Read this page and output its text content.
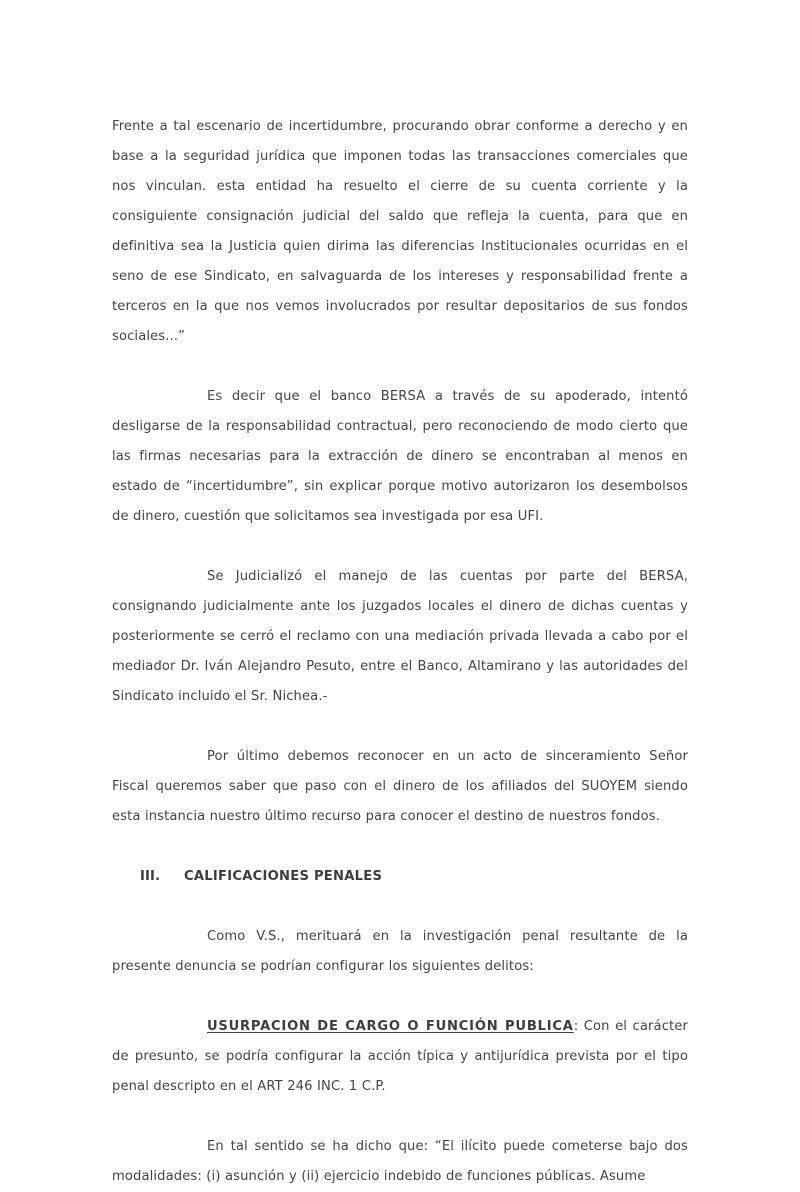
Frente a tal escenario de incertidumbre, procurando obrar conforme a derecho y en base a la seguridad jurídica que imponen todas las transacciones comerciales que nos vinculan. esta entidad ha resuelto el cierre de su cuenta corriente y la consiguiente consignación judicial del saldo que refleja la cuenta, para que en definitiva sea la Justicia quien dirima las diferencias Institucionales ocurridas en el seno de ese Sindicato, en salvaguarda de los intereses y responsabilidad frente a terceros en la que nos vemos involucrados por resultar depositarios de sus fondos sociales...”

Es decir que el banco BERSA a través de su apoderado, intentó desligarse de la responsabilidad contractual, pero reconociendo de modo cierto que las firmas necesarias para la extracción de dinero se encontraban al menos en estado de “incertidumbre”, sin explicar porque motivo autorizaron los desembolsos de dinero, cuestión que solicitamos sea investigada por esa UFI.

Se Judicializó el manejo de las cuentas por parte del BERSA, consignando judicialmente ante los juzgados locales el dinero de dichas cuentas y posteriormente se cerró el reclamo con una mediación privada llevada a cabo por el mediador Dr. Iván Alejandro Pesuto, entre el Banco, Altamirano y las autoridades del Sindicato incluido el Sr. Nichea.-

Por último debemos reconocer en un acto de sinceramiento Señor Fiscal queremos saber que paso con el dinero de los afiliados del SUOYEM siendo esta instancia nuestro último recurso para conocer el destino de nuestros fondos.

III.	CALIFICACIONES PENALES

Como V.S., merituará en la investigación penal resultante de la presente denuncia se podrían configurar los siguientes delitos:

USURPACION DE CARGO O FUNCIÓN PUBLICA: Con el carácter de presunto, se podría configurar la acción típica y antijurídica prevista por el tipo penal descripto en el ART 246 INC. 1 C.P.

En tal sentido se ha dicho que: “El ilícito puede cometerse bajo dos modalidades: (i) asunción y (ii) ejercicio indebido de funciones públicas. Asume
